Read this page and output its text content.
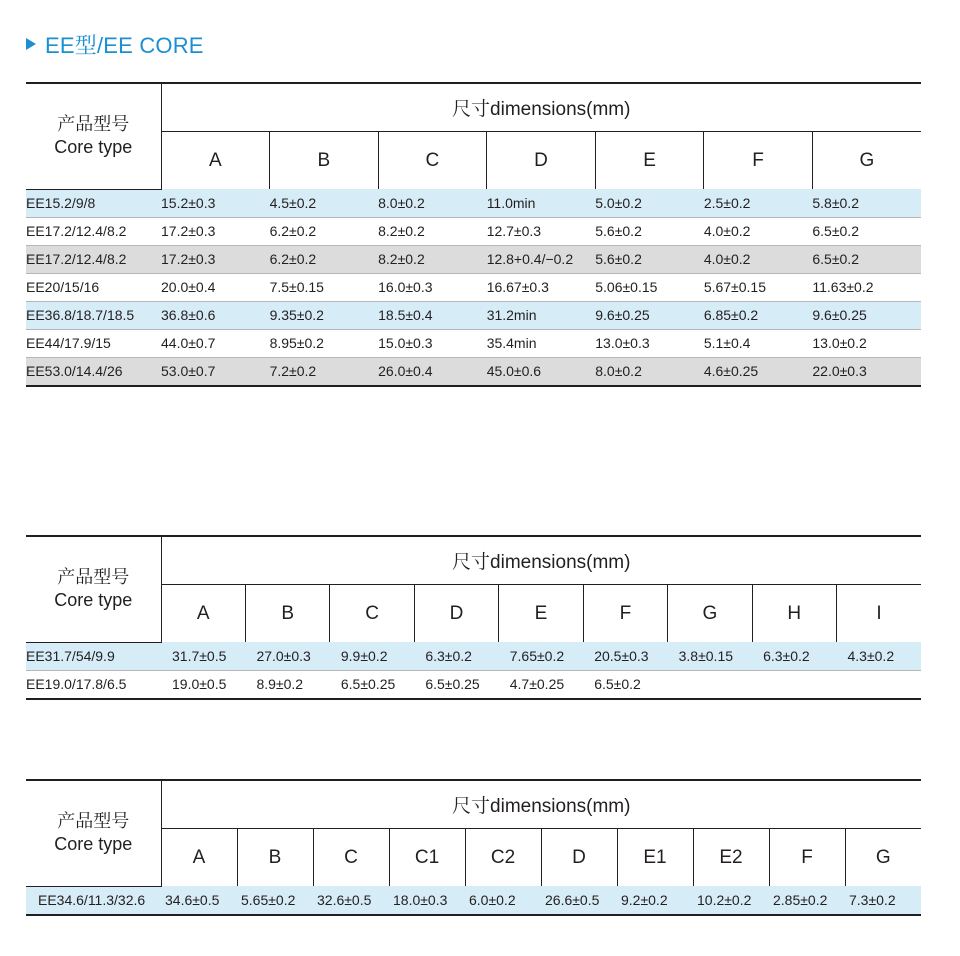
EE型/EE CORE
产品型号
Core type	尺寸dimensions(mm)						
	A	B	C	D	E	F	G
EE15.2/9/8	15.2±0.3	4.5±0.2	8.0±0.2	11.0min	5.0±0.2	2.5±0.2	5.8±0.2
EE17.2/12.4/8.2	17.2±0.3	6.2±0.2	8.2±0.2	12.7±0.3	5.6±0.2	4.0±0.2	6.5±0.2
EE17.2/12.4/8.2	17.2±0.3	6.2±0.2	8.2±0.2	12.8+0.4/−0.2	5.6±0.2	4.0±0.2	6.5±0.2
EE20/15/16	20.0±0.4	7.5±0.15	16.0±0.3	16.67±0.3	5.06±0.15	5.67±0.15	11.63±0.2
EE36.8/18.7/18.5	36.8±0.6	9.35±0.2	18.5±0.4	31.2min	9.6±0.25	6.85±0.2	9.6±0.25
EE44/17.9/15	44.0±0.7	8.95±0.2	15.0±0.3	35.4min	13.0±0.3	5.1±0.4	13.0±0.2
EE53.0/14.4/26	53.0±0.7	7.2±0.2	26.0±0.4	45.0±0.6	8.0±0.2	4.6±0.25	22.0±0.3
产品型号
Core type	尺寸dimensions(mm)								
	A	B	C	D	E	F	G	H	I
EE31.7/54/9.9	31.7±0.5	27.0±0.3	9.9±0.2	6.3±0.2	7.65±0.2	20.5±0.3	3.8±0.15	6.3±0.2	4.3±0.2
EE19.0/17.8/6.5	19.0±0.5	8.9±0.2	6.5±0.25	6.5±0.25	4.7±0.25	6.5±0.2			
产品型号
Core type	尺寸dimensions(mm)									
	A	B	C	C1	C2	D	E1	E2	F	G
EE34.6/11.3/32.6	34.6±0.5	5.65±0.2	32.6±0.5	18.0±0.3	6.0±0.2	26.6±0.5	9.2±0.2	10.2±0.2	2.85±0.2	7.3±0.2
